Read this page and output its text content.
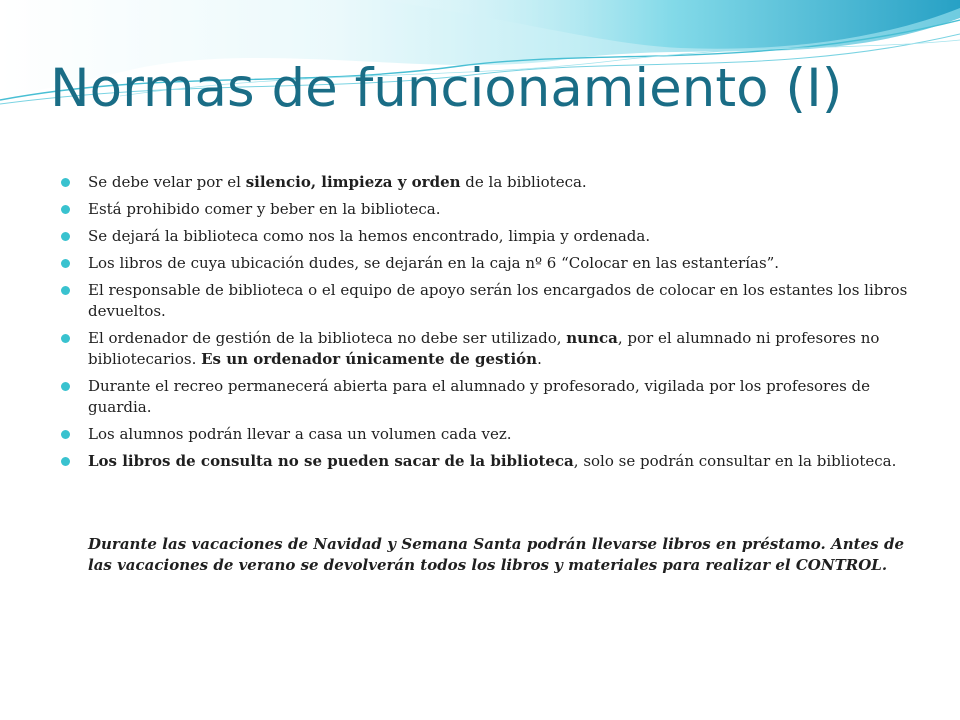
Normas de funcionamiento (I)
Se debe velar por el silencio, limpieza y orden de la biblioteca.
Está prohibido comer y beber en la biblioteca.
Se dejará la biblioteca como nos la hemos encontrado, limpia y ordenada.
Los libros de cuya ubicación dudes, se dejarán en la caja nº 6 “Colocar en las estanterías”.
El responsable de biblioteca o el equipo de apoyo serán los encargados de colocar en los estantes los libros devueltos.
El ordenador de gestión de la biblioteca no debe ser utilizado, nunca, por el alumnado ni profesores no bibliotecarios. Es un ordenador únicamente de gestión.
Durante el recreo permanecerá abierta para el alumnado y profesorado, vigilada por los profesores de guardia.
Los alumnos podrán llevar a casa un volumen cada vez.
Los libros de consulta no se pueden sacar de la biblioteca, solo se podrán consultar en la biblioteca.

Durante las vacaciones de Navidad y Semana Santa podrán llevarse libros en préstamo. Antes de las vacaciones de verano se devolverán todos los libros y materiales para realizar el CONTROL.
